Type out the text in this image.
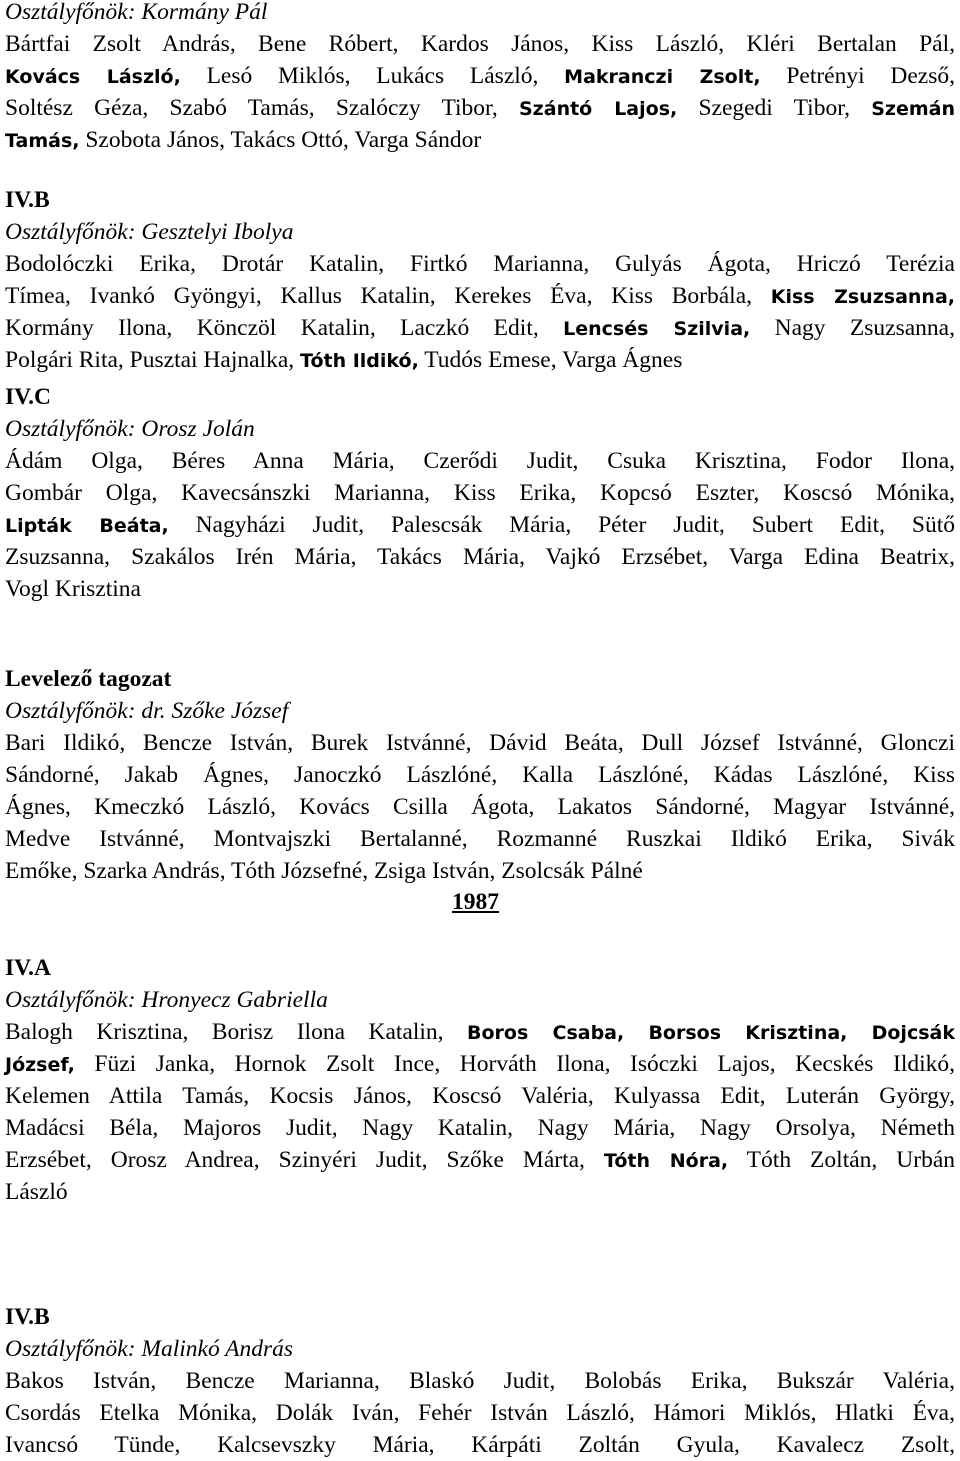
Osztályfőnök: Kormány Pál
Bártfai Zsolt András, Bene Róbert, Kardos János, Kiss László, Kléri Bertalan Pál,
Kovács László, Lesó Miklós, Lukács László, Makranczi Zsolt, Petrényi Dezső,
Soltész Géza, Szabó Tamás, Szalóczy Tibor, Szántó Lajos, Szegedi Tibor, Szemán
Tamás, Szobota János, Takács Ottó, Varga Sándor
IV.B
Osztályfőnök: Gesztelyi Ibolya
Bodolóczki Erika, Drotár Katalin, Firtkó Marianna, Gulyás Ágota, Hriczó Terézia
Tímea, Ivankó Gyöngyi, Kallus Katalin, Kerekes Éva, Kiss Borbála, Kiss Zsuzsanna,
Kormány Ilona, Könczöl Katalin, Laczkó Edit, Lencsés Szilvia, Nagy Zsuzsanna,
Polgári Rita, Pusztai Hajnalka, Tóth Ildikó, Tudós Emese, Varga Ágnes
IV.C
Osztályfőnök: Orosz Jolán
Ádám Olga, Béres Anna Mária, Czerődi Judit, Csuka Krisztina, Fodor Ilona,
Gombár Olga, Kavecsánszki Marianna, Kiss Erika, Kopcsó Eszter, Koscsó Mónika,
Lipták Beáta, Nagyházi Judit, Palescsák Mária, Péter Judit, Subert Edit, Sütő
Zsuzsanna, Szakálos Irén Mária, Takács Mária, Vajkó Erzsébet, Varga Edina Beatrix,
Vogl Krisztina
Levelező tagozat
Osztályfőnök: dr. Szőke József
Bari Ildikó, Bencze István, Burek Istvánné, Dávid Beáta, Dull József Istvánné, Glonczi
Sándorné, Jakab Ágnes, Janoczkó Lászlóné, Kalla Lászlóné, Kádas Lászlóné, Kiss
Ágnes, Kmeczkó László, Kovács Csilla Ágota, Lakatos Sándorné, Magyar Istvánné,
Medve Istvánné, Montvajszki Bertalanné, Rozmanné Ruszkai Ildikó Erika, Sivák
Emőke, Szarka András, Tóth Józsefné, Zsiga István, Zsolcsák Pálné
1987
IV.A
Osztályfőnök: Hronyecz Gabriella
Balogh Krisztina, Borisz Ilona Katalin, Boros Csaba, Borsos Krisztina, Dojcsák
József, Füzi Janka, Hornok Zsolt Ince, Horváth Ilona, Isóczki Lajos, Kecskés Ildikó,
Kelemen Attila Tamás, Kocsis János, Koscsó Valéria, Kulyassa Edit, Luterán György,
Madácsi Béla, Majoros Judit, Nagy Katalin, Nagy Mária, Nagy Orsolya, Németh
Erzsébet, Orosz Andrea, Szinyéri Judit, Szőke Márta, Tóth Nóra, Tóth Zoltán, Urbán
László
IV.B
Osztályfőnök: Malinkó András
Bakos István, Bencze Marianna, Blaskó Judit, Bolobás Erika, Bukszár Valéria,
Csordás Etelka Mónika, Dolák Iván, Fehér István László, Hámori Miklós, Hlatki Éva,
Ivancsó Tünde, Kalcsevszky Mária, Kárpáti Zoltán Gyula, Kavalecz Zsolt,
